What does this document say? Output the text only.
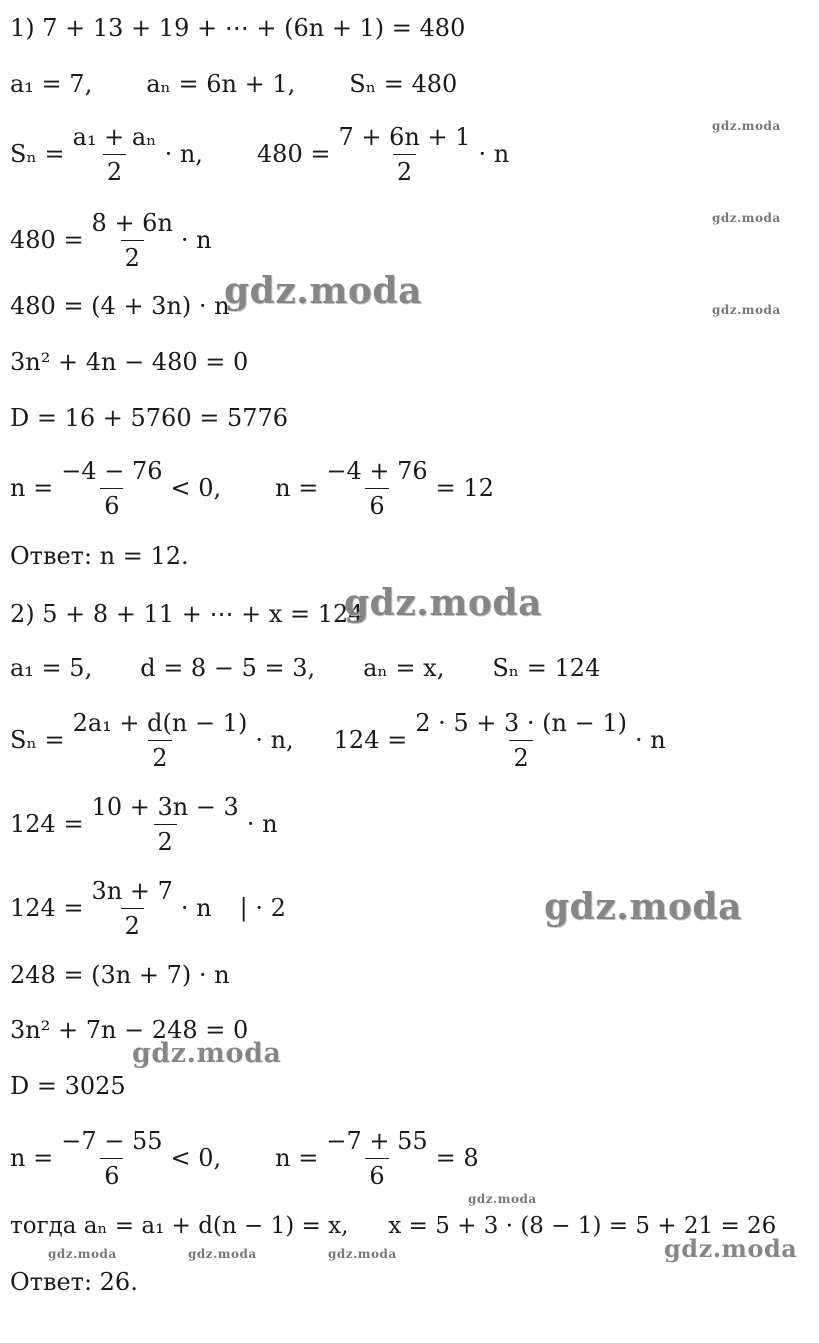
1) 7 + 13 + 19 + ⋯ + (6n + 1) = 480
a₁ = 7, aₙ = 6n + 1, Sₙ = 480
$S_n = \frac{\text{a₁ + aₙ}}{2} \cdot n$, $480 = \frac{7 + 6n + 1}{2} \cdot n$
$480 = \frac{8 + 6n}{2} \cdot n$
480 = (4 + 3n) · n
3n² + 4n − 480 = 0
D = 16 + 5760 = 5776
$n = \frac{-4 - 76}{6} < 0$, $n = \frac{-4 + 76}{6} = 12$
Ответ: n = 12.
2) 5 + 8 + 11 + ⋯ + x = 124
a₁ = 5, d = 8 − 5 = 3, aₙ = x, Sₙ = 124
$S_n = \frac{\text{2a₁ + d(n − 1)}}{2} \cdot n$, $124 = \frac{2 \cdot 5 + 3 \cdot (n - 1)}{2} \cdot n$
$124 = \frac{10 + 3n - 3}{2} \cdot n$
$124 = \frac{3n + 7}{2} \cdot n$ | · 2
248 = (3n + 7) · n
3n² + 7n − 248 = 0
D = 3025
$n = \frac{-7 - 55}{6} < 0$, $n = \frac{-7 + 55}{6} = 8$
тогда aₙ = a₁ + d(n − 1) = x, x = 5 + 3 · (8 − 1) = 5 + 21 = 26
Ответ: 26.
gdz.moda
gdz.moda
gdz.moda
gdz.moda
gdz.moda
gdz.moda
gdz.moda
gdz.moda
gdz.moda	gdz.moda	gdz.moda	gdz.moda
